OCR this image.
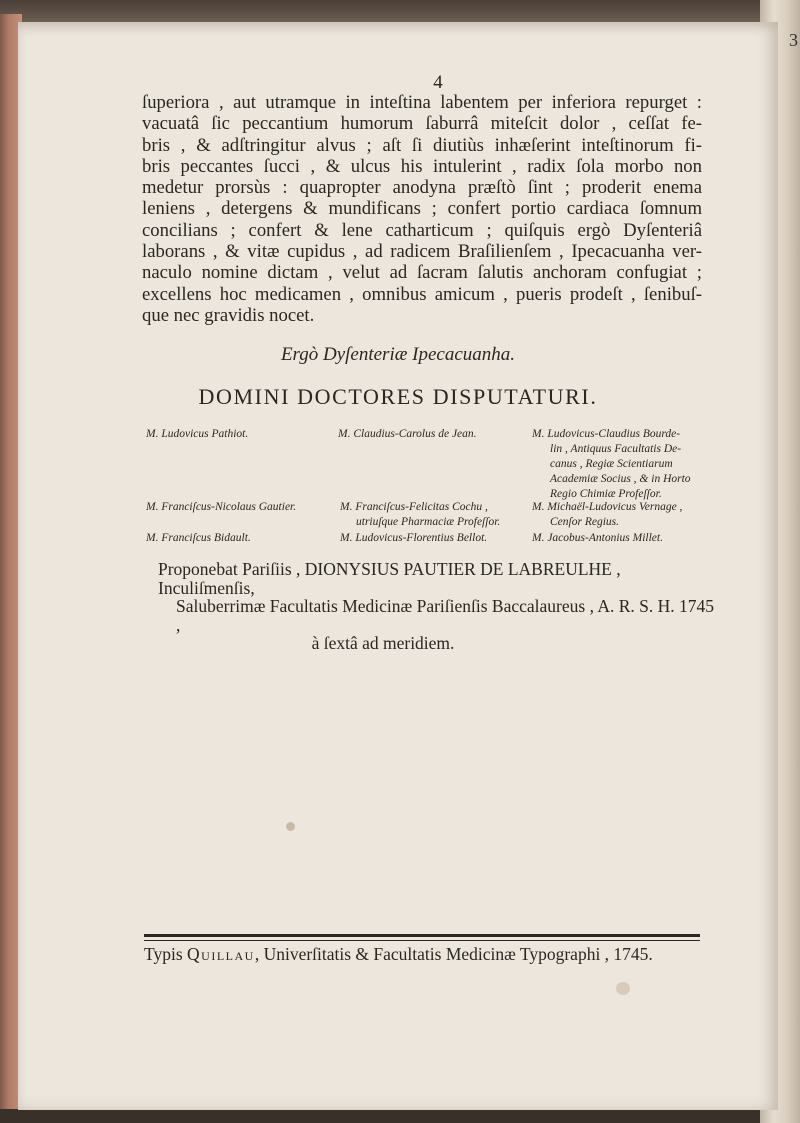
3
4
ſuperiora , aut utramque in inteſtina labentem per inferiora repurget :
vacuatâ ſic peccantium humorum ſaburrâ miteſcit dolor , ceſſat fe-
bris , & adſtringitur alvus ; aſt ſi diutiùs inhæſerint inteſtinorum fi-
bris peccantes ſucci , & ulcus his intulerint , radix ſola morbo non
medetur prorsùs : quapropter anodyna præſtò ſint ; proderit enema
leniens , detergens & mundificans ; confert portio cardiaca ſomnum
concilians ; confert & lene catharticum ; quiſquis ergò Dyſenteriâ
laborans , & vitæ cupidus , ad radicem Braſilienſem , Ipecacuanha ver-
naculo nomine dictam , velut ad ſacram ſalutis anchoram confugiat ;
excellens hoc medicamen , omnibus amicum , pueris prodeſt , ſenibuſ-
que nec gravidis nocet.
Ergò Dyſenteriæ Ipecacuanha.
DOMINI DOCTORES DISPUTATURI.
M. Ludovicus Pathiot.
M. Franciſcus-Nicolaus Gautier.
M. Franciſcus Bidault.
M. Claudius-Carolus de Jean.
M. Franciſcus-Felicitas Cochu ,
utriuſque Pharmaciæ Profeſſor.
M. Ludovicus-Florentius Bellot.
M. Ludovicus-Claudius Bourde-
lin , Antiquus Facultatis De-
canus , Regiæ Scientiarum
Academiæ Socius , & in Horto
Regio Chimiæ Profeſſor.
M. Michaël-Ludovicus Vernage ,
Cenſor Regius.
M. Jacobus-Antonius Millet.
Proponebat Pariſiis , DIONYSIUS PAUTIER DE LABREULHE , Inculiſmenſis,
Saluberrimæ Facultatis Medicinæ Pariſienſis Baccalaureus , A. R. S. H. 1745 ,
à ſextâ ad meridiem.
Typis Quillau, Univerſitatis & Facultatis Medicinæ Typographi , 1745.
